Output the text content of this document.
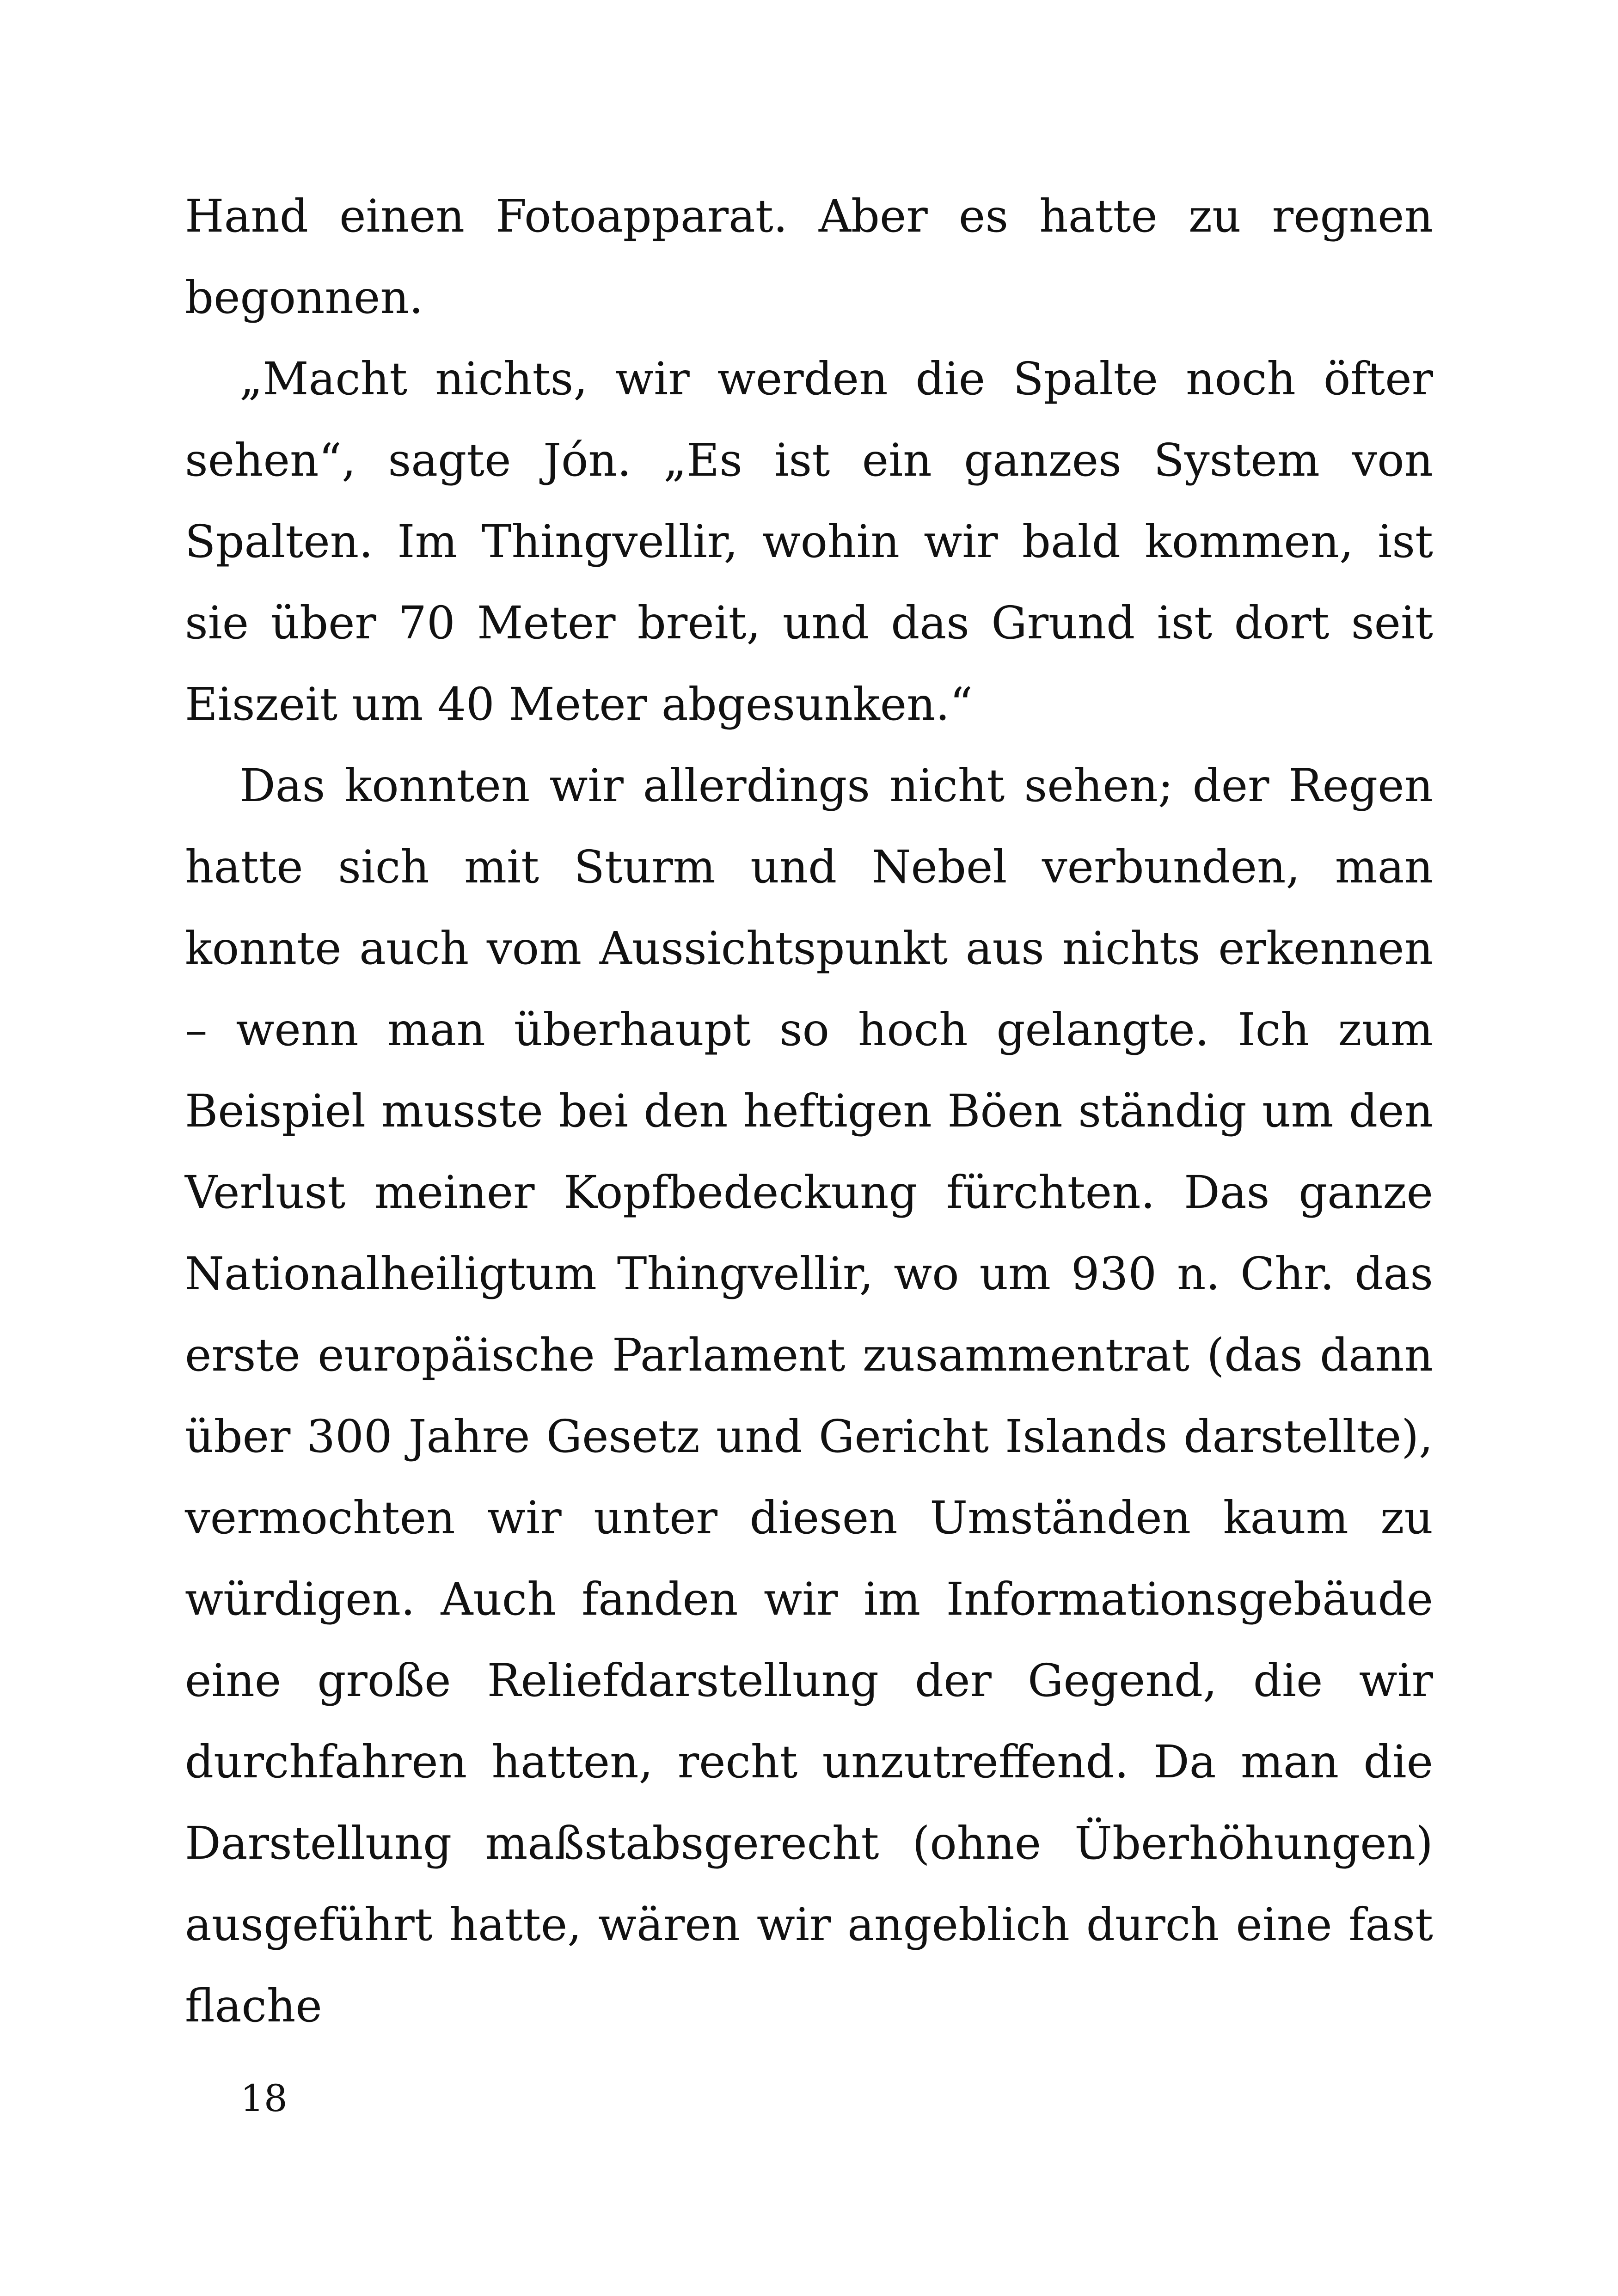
Hand einen Fotoapparat. Aber es hatte zu regnen begonnen.

„Macht nichts, wir werden die Spalte noch öfter sehen“, sagte Jón. „Es ist ein ganzes System von Spalten. Im Thingvellir, wohin wir bald kommen, ist sie über 70 Meter breit, und das Grund ist dort seit Eiszeit um 40 Meter abgesunken.“

Das konnten wir allerdings nicht sehen; der Regen hatte sich mit Sturm und Nebel verbunden, man konnte auch vom Aussichtspunkt aus nichts erkennen – wenn man überhaupt so hoch gelangte. Ich zum Beispiel musste bei den heftigen Böen ständig um den Verlust meiner Kopfbedeckung fürchten. Das ganze Nationalheiligtum Thingvellir, wo um 930 n. Chr. das erste europäische Parlament zusammentrat (das dann über 300 Jahre Gesetz und Gericht Islands darstellte), vermochten wir unter diesen Umständen kaum zu würdigen. Auch fanden wir im Informationsgebäude eine große Reliefdarstellung der Gegend, die wir durchfahren hatten, recht unzutreffend. Da man die Darstellung maßstabsgerecht (ohne Überhöhungen) ausgeführt hatte, wären wir angeblich durch eine fast flache

18
